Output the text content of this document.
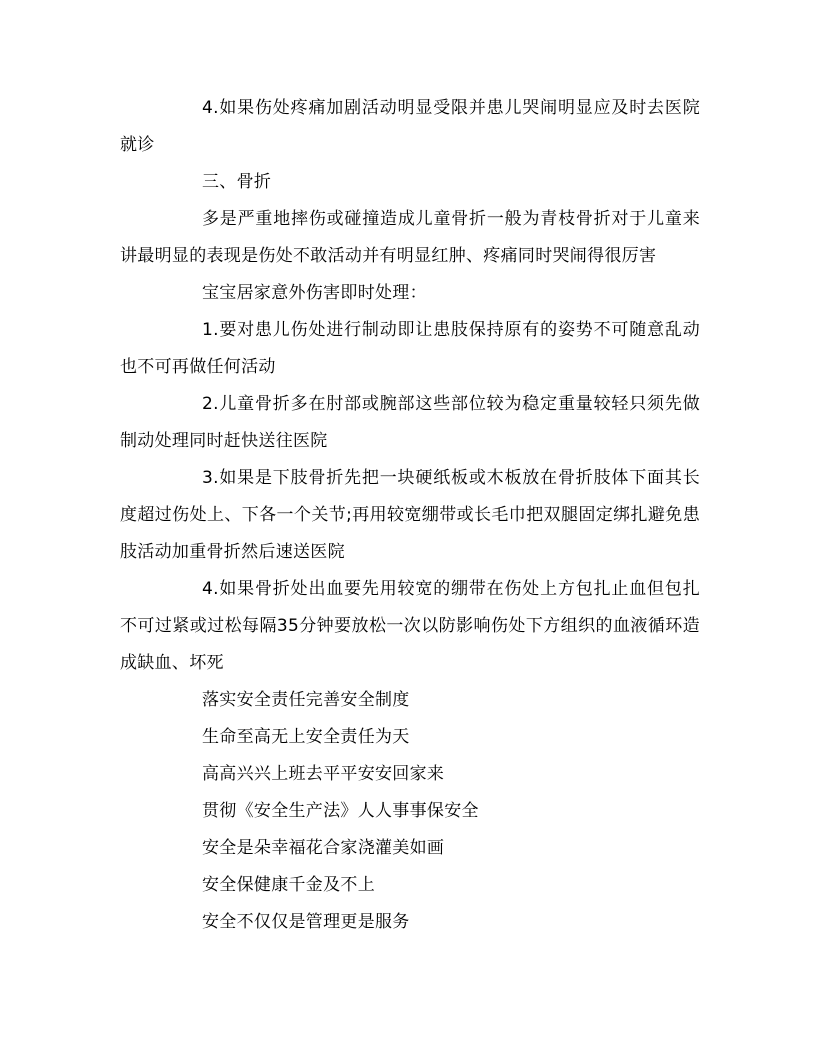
4.如果伤处疼痛加剧活动明显受限并患儿哭闹明显应及时去医院就诊

三、骨折

多是严重地摔伤或碰撞造成儿童骨折一般为青枝骨折对于儿童来讲最明显的表现是伤处不敢活动并有明显红肿、疼痛同时哭闹得很厉害

宝宝居家意外伤害即时处理：

1.要对患儿伤处进行制动即让患肢保持原有的姿势不可随意乱动也不可再做任何活动

2.儿童骨折多在肘部或腕部这些部位较为稳定重量较轻只须先做制动处理同时赶快送往医院

3.如果是下肢骨折先把一块硬纸板或木板放在骨折肢体下面其长度超过伤处上、下各一个关节;再用较宽绷带或长毛巾把双腿固定绑扎避免患肢活动加重骨折然后速送医院

4.如果骨折处出血要先用较宽的绷带在伤处上方包扎止血但包扎不可过紧或过松每隔35分钟要放松一次以防影响伤处下方组织的血液循环造成缺血、坏死

落实安全责任完善安全制度

生命至高无上安全责任为天

高高兴兴上班去平平安安回家来

贯彻《安全生产法》人人事事保安全

安全是朵幸福花合家浇灌美如画

安全保健康千金及不上

安全不仅仅是管理更是服务
